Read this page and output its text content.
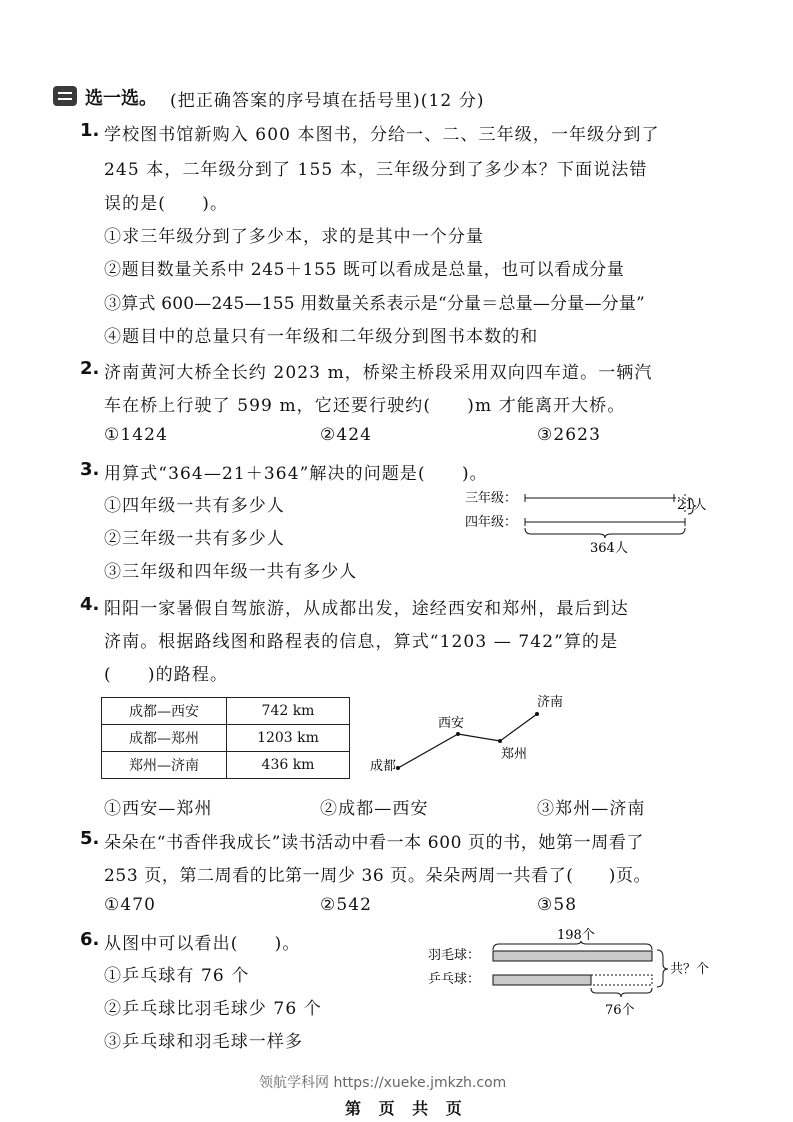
选一选。 (把正确答案的序号填在括号里)(12 分)
1. 学校图书馆新购入 600 本图书，分给一、二、三年级，一年级分到了
245 本，二年级分到了 155 本，三年级分到了多少本？下面说法错
误的是(　　)。
①求三年级分到了多少本，求的是其中一个分量
②题目数量关系中 245＋155 既可以看成是总量，也可以看成分量
③算式 600—245—155 用数量关系表示是“分量＝总量—分量—分量”
④题目中的总量只有一年级和二年级分到图书本数的和
2. 济南黄河大桥全长约 2023 m，桥梁主桥段采用双向四车道。一辆汽
车在桥上行驶了 599 m，它还要行驶约(　　)m 才能离开大桥。
①1424	②424	③2623
3. 用算式“364—21＋364”解决的问题是(　　)。
①四年级一共有多少人
②三年级一共有多少人
③三年级和四年级一共有多少人
三年级：
四年级：
21人
364人
4. 阳阳一家暑假自驾旅游，从成都出发，途经西安和郑州，最后到达
济南。根据路线图和路程表的信息，算式“1203 — 742”算的是
(　　)的路程。
成都—西安	742 km
成都—郑州	1203 km
郑州—济南	436 km	成都
西安
郑州
济南
①西安—郑州	②成都—西安	③郑州—济南
5. 朵朵在“书香伴我成长”读书活动中看一本 600 页的书，她第一周看了
253 页，第二周看的比第一周少 36 页。朵朵两周一共看了(　　)页。
①470	②542	③58
6. 从图中可以看出(　　)。
①乒乓球有 76 个
②乒乓球比羽毛球少 76 个
③乒乓球和羽毛球一样多
198个
羽毛球：
乒乓球：
76个
共？个
领航学科网 https://xueke.jmkzh.com
第 页 共 页
